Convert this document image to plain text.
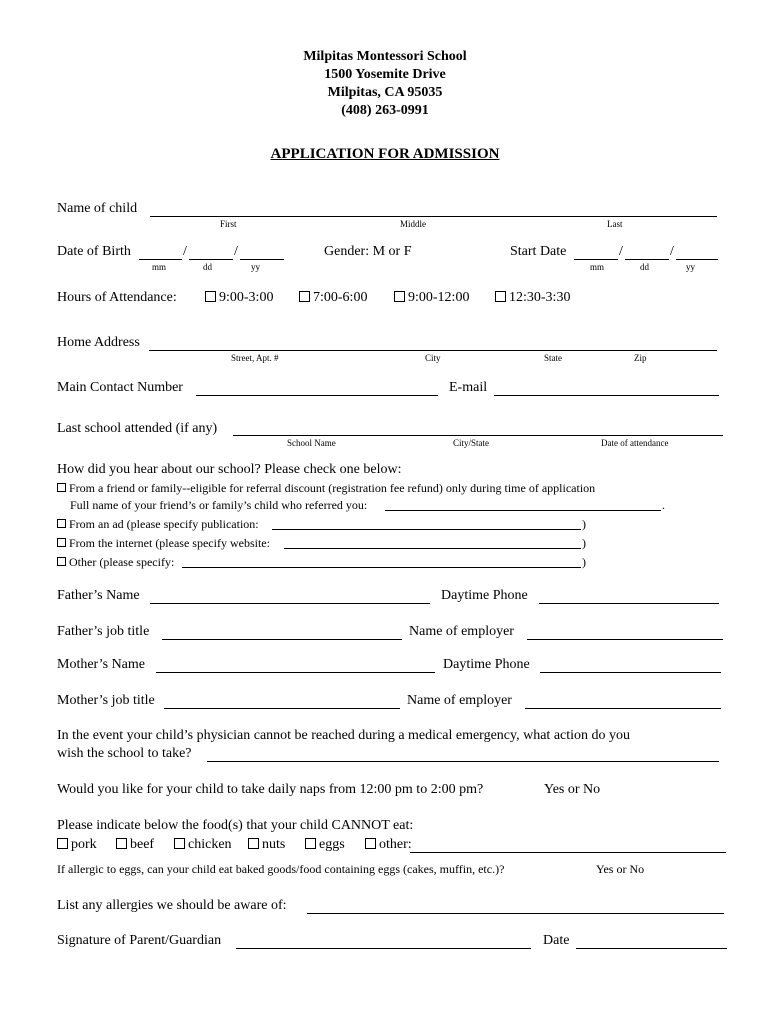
Milpitas Montessori School
1500 Yosemite Drive
Milpitas, CA 95035
(408) 263-0991
APPLICATION FOR ADMISSION
Name of child
First	Middle	Last
Date of Birth	/	/
mm	dd	yy
Gender: M or F	Start Date	/	/
mm	dd	yy
Hours of Attendance:	9:00-3:00	7:00-6:00	9:00-12:00	12:30-3:30
Home Address
Street, Apt. #	City	State	Zip
Main Contact Number	E-mail
Last school attended (if any)
School Name	City/State	Date of attendance
How did you hear about our school? Please check one below:
From a friend or family--eligible for referral discount (registration fee refund) only during time of application
Full name of your friend’s or family’s child who referred you:	.
From an ad (please specify publication:	)
From the internet (please specify website:	)
Other (please specify:	)
Father’s Name	Daytime Phone
Father’s job title	Name of employer
Mother’s Name	Daytime Phone
Mother’s job title	Name of employer
In the event your child’s physician cannot be reached during a medical emergency, what action do you
wish the school to take?
Would you like for your child to take daily naps from 12:00 pm to 2:00 pm?	Yes or No
Please indicate below the food(s) that your child CANNOT eat:
pork	beef	chicken	nuts	eggs	other:
If allergic to eggs, can your child eat baked goods/food containing eggs (cakes, muffin, etc.)?	Yes or No
List any allergies we should be aware of:
Signature of Parent/Guardian	Date
